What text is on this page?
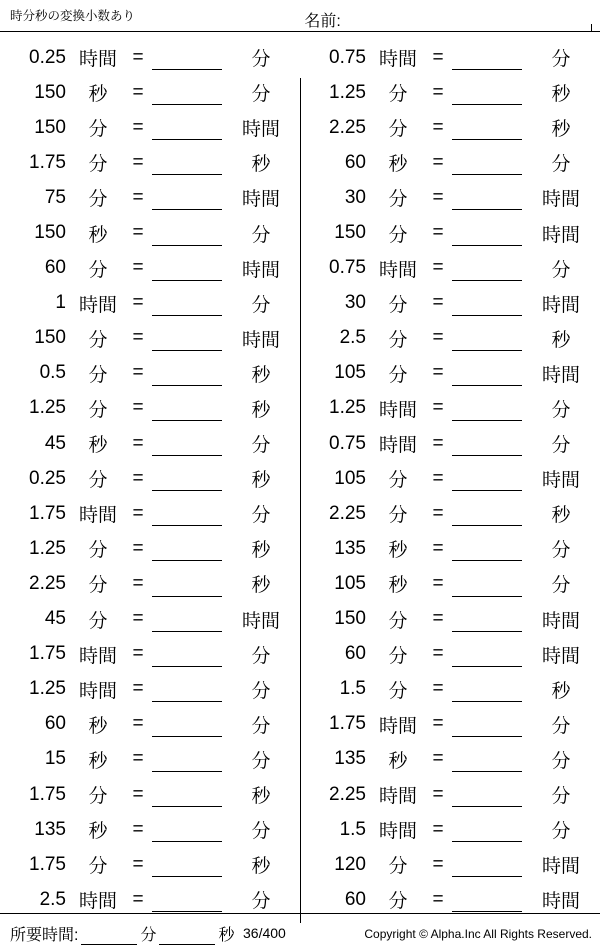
時分秒の変換小数あり	名前:
0.25 時間 =	分
150	秒	=	分
150	分	=	時間
1.75	分	=	秒
75	分	=	時間
150	秒	=	分
60	分	=	時間
1 時間 =	分
150	分	=	時間
0.5	分	=	秒
1.25	分	=	秒
45	秒	=	分
0.25	分	=	秒
1.75 時間 =	分
1.25	分	=	秒
2.25	分	=	秒
45	分	=	時間
1.75 時間 =	分
1.25 時間 =	分
60	秒	=	分
15	秒	=	分
1.75	分	=	秒
135	秒	=	分
1.75	分	=	秒
2.5 時間 =	分
0.75 時間 =	分
1.25	分	=	秒
2.25	分	=	秒
60	秒	=	分
30	分	=	時間
150	分	=	時間
0.75 時間 =	分
30	分	=	時間
2.5	分	=	秒
105	分	=	時間
1.25 時間 =	分
0.75 時間 =	分
105	分	=	時間
2.25	分	=	秒
135	秒	=	分
105	秒	=	分
150	分	=	時間
60	分	=	時間
1.5	分	=	秒
1.75 時間 =	分
135	秒	=	分
2.25 時間 =	分
1.5 時間 =	分
120	分	=	時間
60	分	=	時間
所要時間:	分	秒 36/400	Copyright © Alpha.Inc All Rights Reserved.
